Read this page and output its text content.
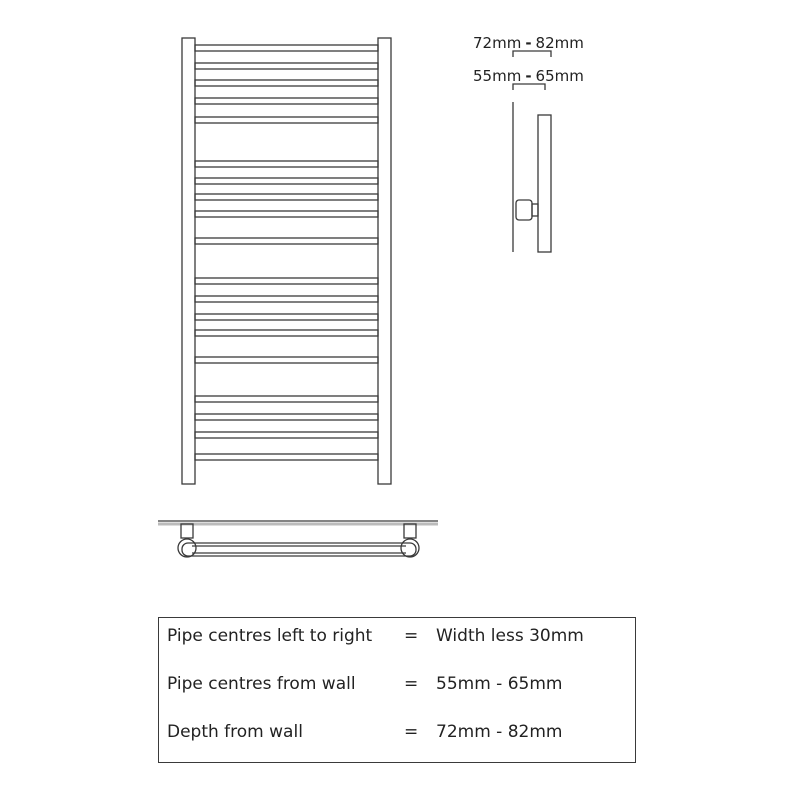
72mm - 82mm
55mm - 65mm
Pipe centres left to right = Width less 30mm
Pipe centres from wall	= 55mm - 65mm
Depth from wall	= 72mm - 82mm
